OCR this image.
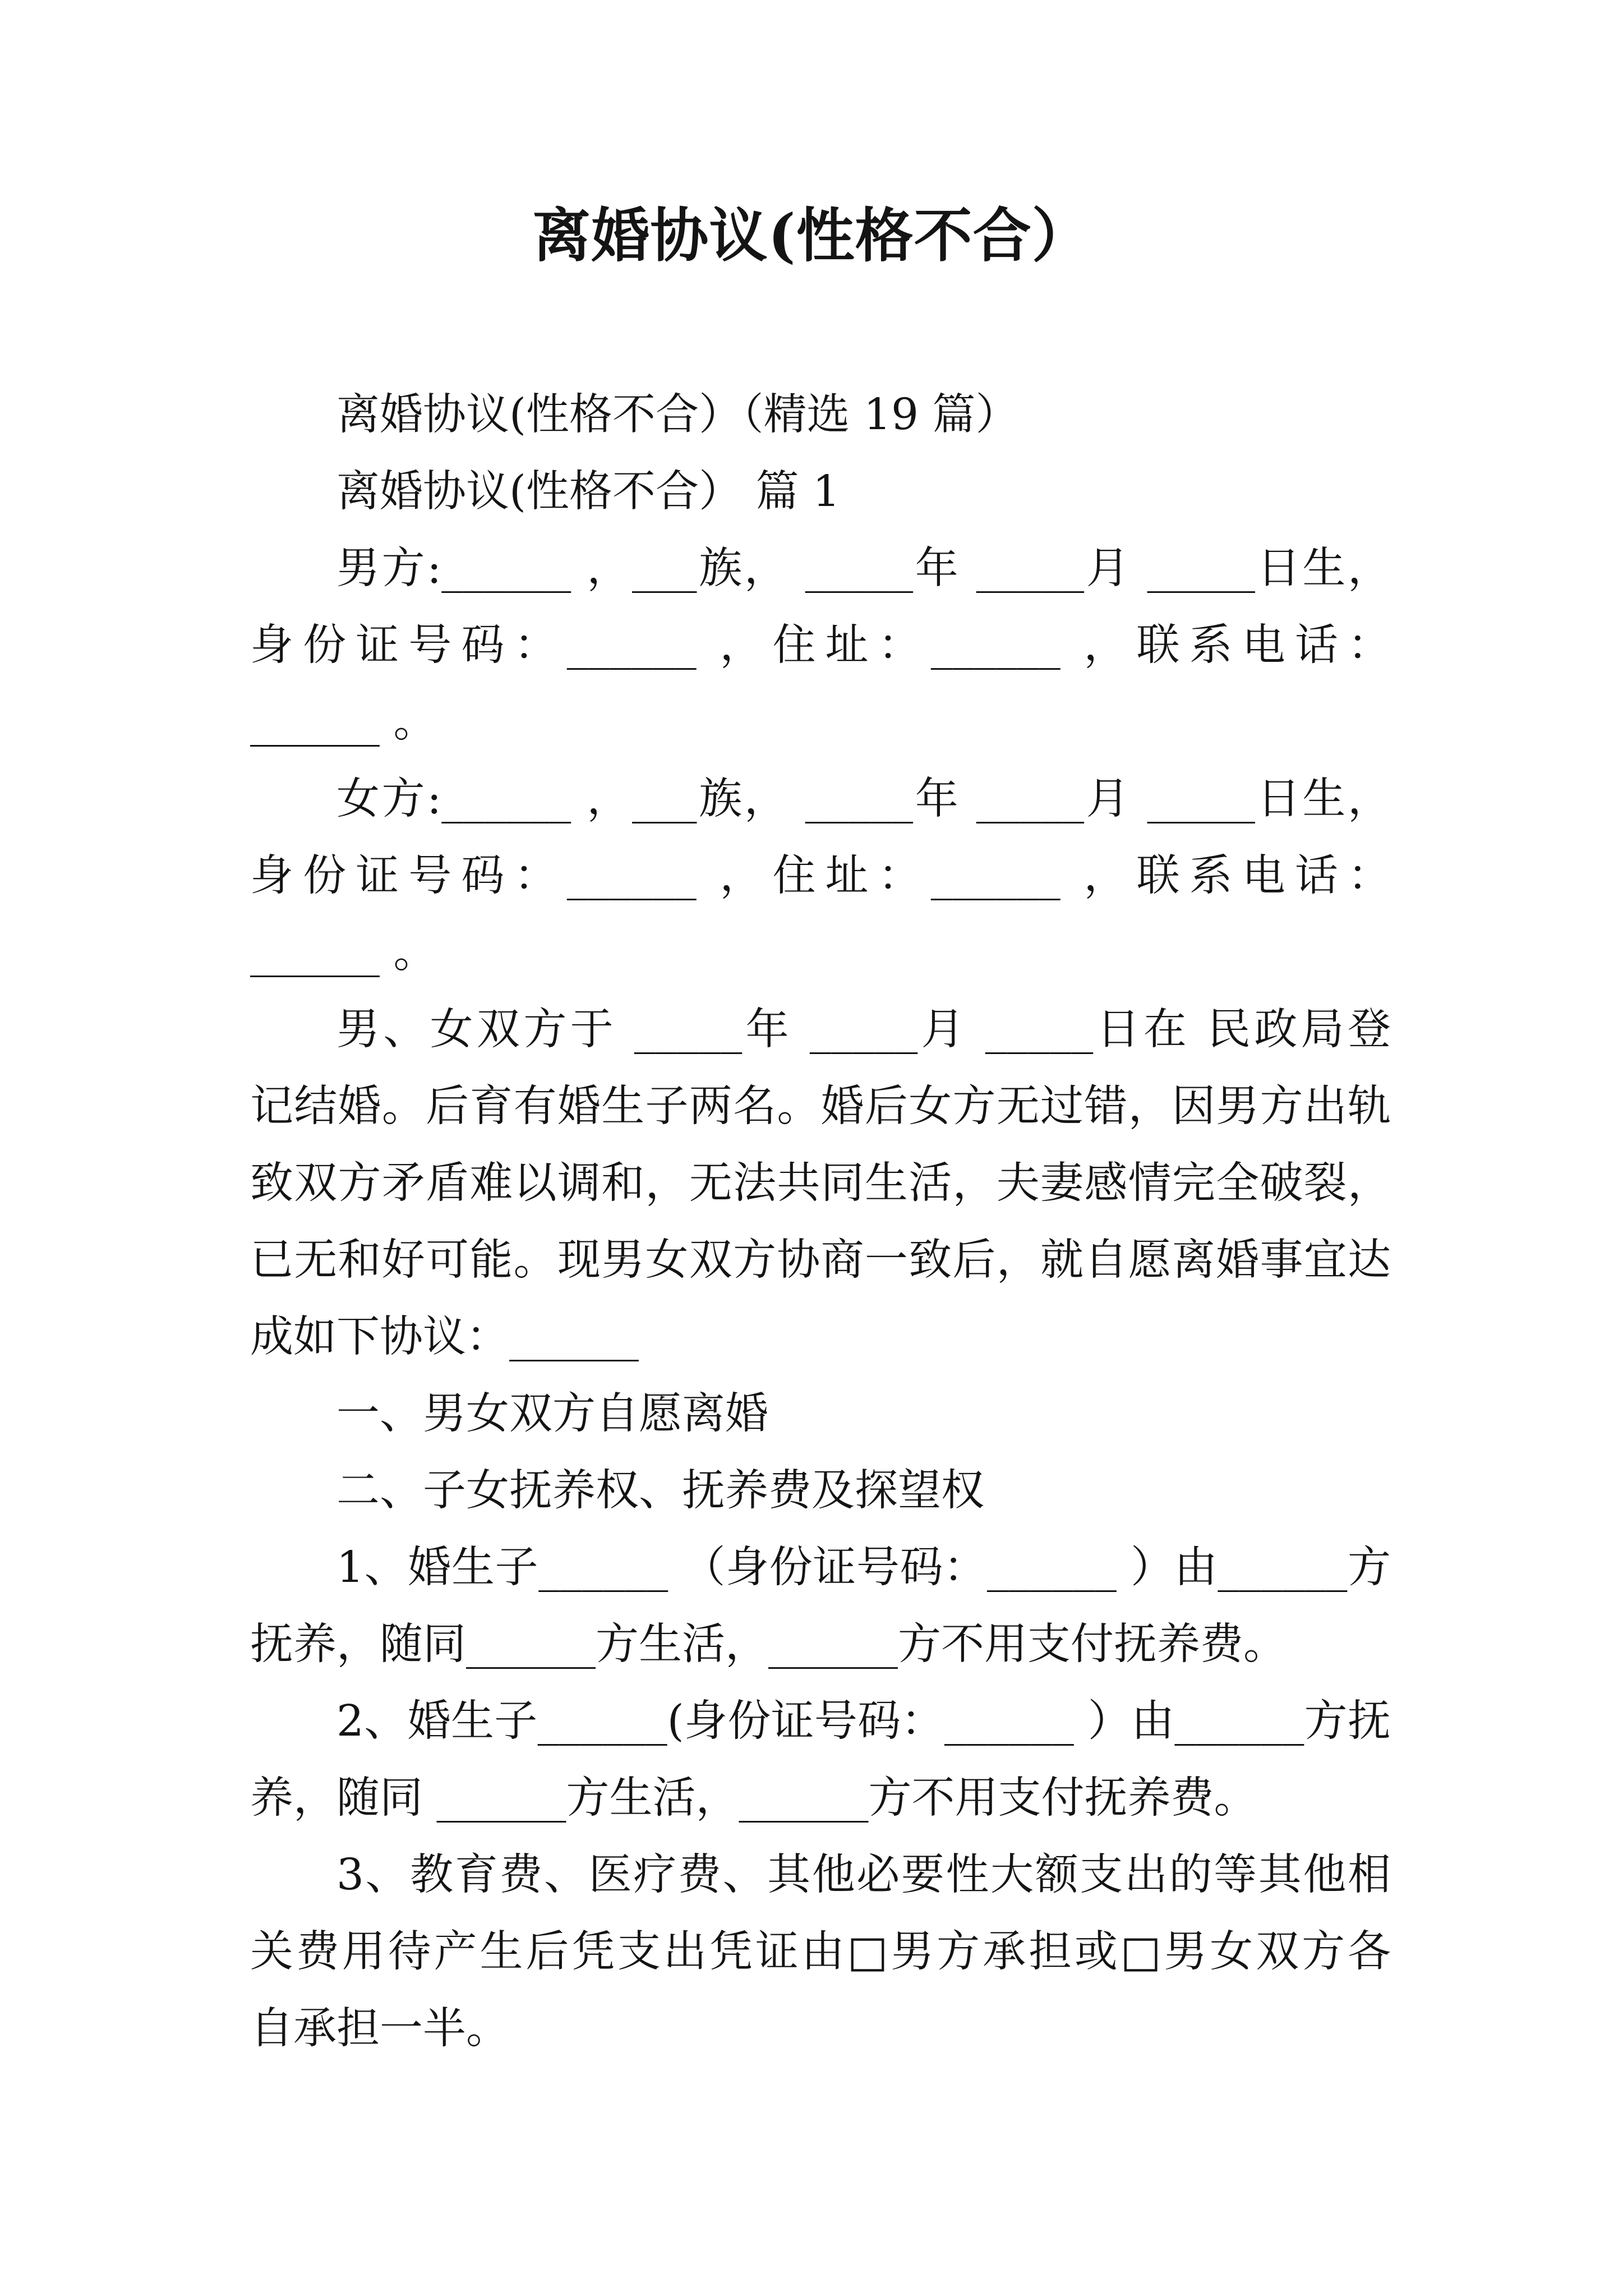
离婚协议(性格不合）
离婚协议(性格不合）（精选 19 篇）
离婚协议(性格不合） 篇 1
男方:______ ，___族， _____年 _____月 _____日生，
身份证号码：______ ，住址：______ ，联系电话：
______ 。
女方:______ ，___族， _____年 _____月 _____日生，
身份证号码：______ ，住址：______ ，联系电话：
______ 。
男、女双方于 _____年 _____月 _____日在 民政局登
记结婚。后育有婚生子两名。婚后女方无过错，因男方出轨
致双方矛盾难以调和，无法共同生活，夫妻感情完全破裂，
已无和好可能。现男女双方协商一致后，就自愿离婚事宜达
成如下协议：______
一、男女双方自愿离婚
二、子女抚养权、抚养费及探望权
1、婚生子______ （身份证号码：______ ）由______方
抚养，随同______方生活，______方不用支付抚养费。
2、婚生子______(身份证号码：______ ）由______方抚
养，随同 ______方生活，______方不用支付抚养费。
3、教育费、医疗费、其他必要性大额支出的等其他相
关费用待产生后凭支出凭证由□男方承担或□男女双方各
自承担一半。
